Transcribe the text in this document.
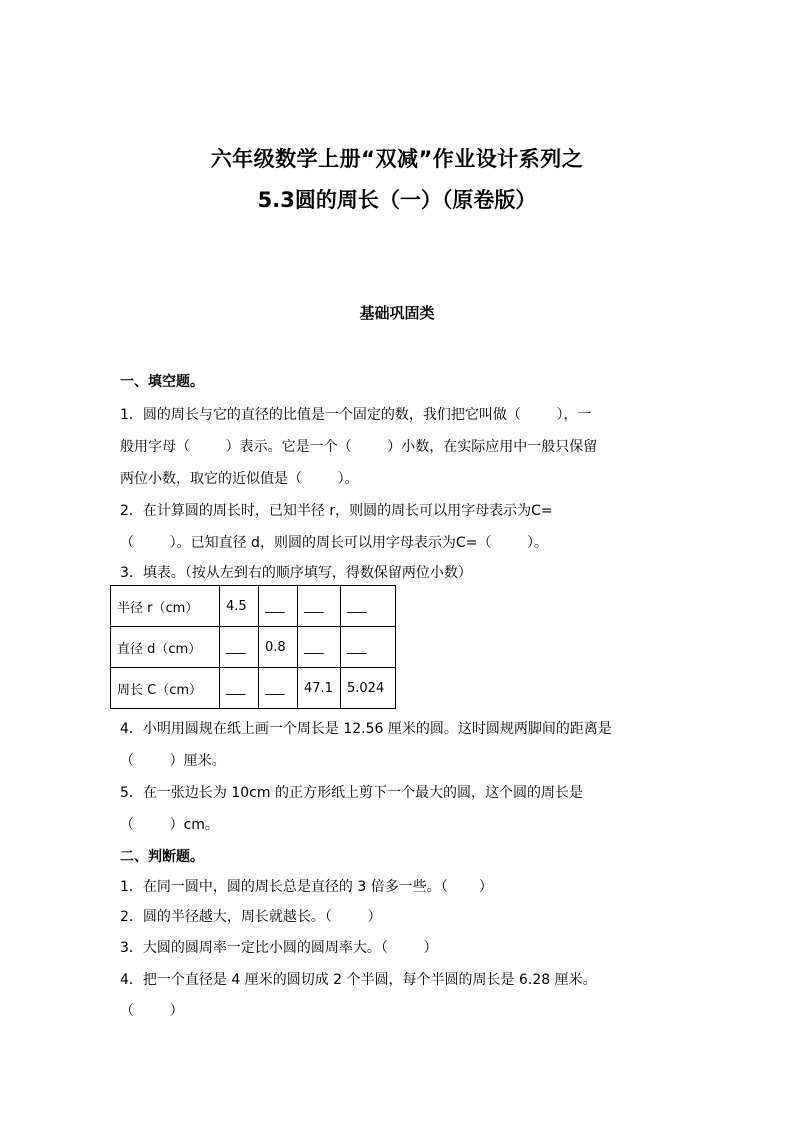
六年级数学上册“双减”作业设计系列之
5.3圆的周长（一）（原卷版）
基础巩固类
一、填空题。
1．圆的周长与它的直径的比值是一个固定的数，我们把它叫做（        ），一
般用字母（        ）表示。它是一个（        ）小数，在实际应用中一般只保留
两位小数，取它的近似值是（        ）。
2．在计算圆的周长时，已知半径 r，则圆的周长可以用字母表示为C=
（        ）。已知直径 d，则圆的周长可以用字母表示为C=（        ）。
3．填表。（按从左到右的顺序填写，得数保留两位小数）
半径 r（cm）	4.5	___	___	___
直径 d（cm）	___	0.8	___	___
周长 C（cm）	___	___	47.1	5.024
4．小明用圆规在纸上画一个周长是 12.56 厘米的圆。这时圆规两脚间的距离是
（        ）厘米。
5．在一张边长为 10cm 的正方形纸上剪下一个最大的圆，这个圆的周长是
（        ）cm。
二、判断题。
1．在同一圆中，圆的周长总是直径的 3 倍多一些。（       ）
2．圆的半径越大，周长就越长。（        ）
3．大圆的圆周率一定比小圆的圆周率大。（        ）
4．把一个直径是 4 厘米的圆切成 2 个半圆，每个半圆的周长是 6.28 厘米。
（        ）
